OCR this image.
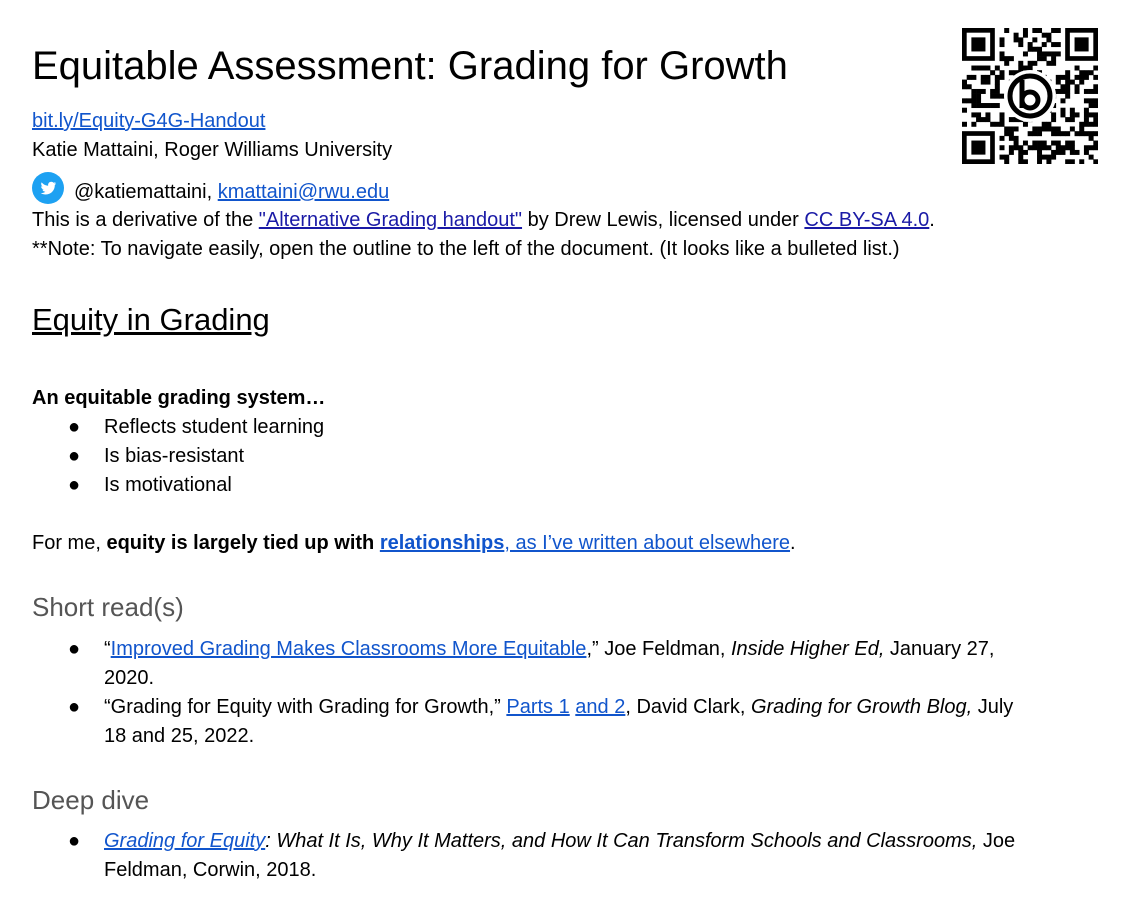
Equitable Assessment: Grading for Growth
bit.ly/Equity-G4G-Handout
Katie Mattaini, Roger Williams University
@katiemattaini, kmattaini@rwu.edu
This is a derivative of the "Alternative Grading handout" by Drew Lewis, licensed under CC BY-SA 4.0.
**Note: To navigate easily, open the outline to the left of the document. (It looks like a bulleted list.)
Equity in Grading
An equitable grading system…
● Reflects student learning
● Is bias-resistant
● Is motivational
For me, equity is largely tied up with relationships, as I’ve written about elsewhere.
Short read(s)
● “Improved Grading Makes Classrooms More Equitable,” Joe Feldman, Inside Higher Ed, January 27,
2020.
● “Grading for Equity with Grading for Growth,” Parts 1 and 2, David Clark, Grading for Growth Blog, July
18 and 25, 2022.
Deep dive
● Grading for Equity: What It Is, Why It Matters, and How It Can Transform Schools and Classrooms, Joe
Feldman, Corwin, 2018.
